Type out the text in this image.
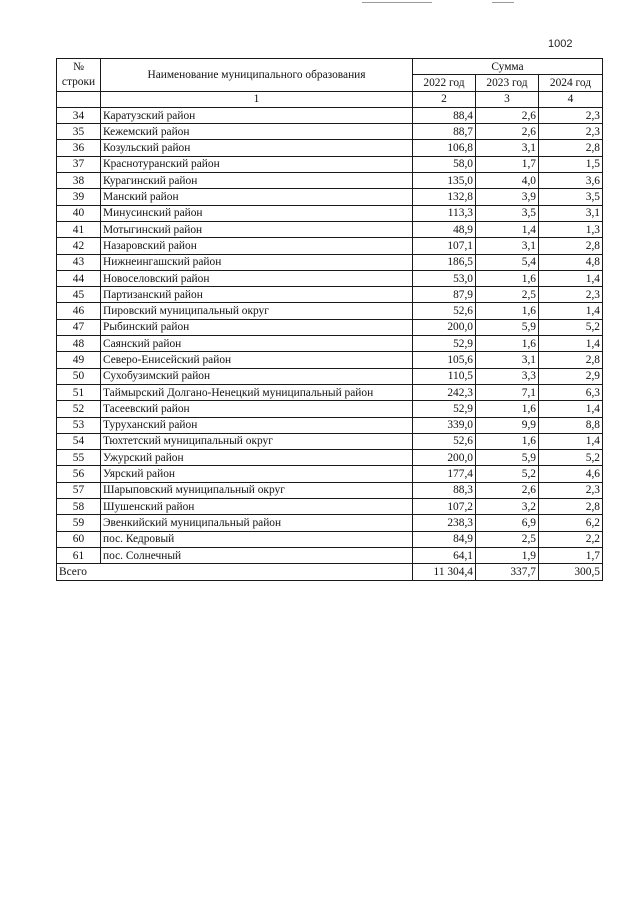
1002
№
строки	Наименование муниципального образования	Сумма		
		2022 год	2023 год	2024 год
	1	2	3	4
34	Каратузский район	88,4	2,6	2,3
35	Кежемский район	88,7	2,6	2,3
36	Козульский район	106,8	3,1	2,8
37	Краснотуранский район	58,0	1,7	1,5
38	Курагинский район	135,0	4,0	3,6
39	Манский район	132,8	3,9	3,5
40	Минусинский район	113,3	3,5	3,1
41	Мотыгинский район	48,9	1,4	1,3
42	Назаровский район	107,1	3,1	2,8
43	Нижнеингашский район	186,5	5,4	4,8
44	Новоселовский район	53,0	1,6	1,4
45	Партизанский район	87,9	2,5	2,3
46	Пировский муниципальный округ	52,6	1,6	1,4
47	Рыбинский район	200,0	5,9	5,2
48	Саянский район	52,9	1,6	1,4
49	Северо-Енисейский район	105,6	3,1	2,8
50	Сухобузимский район	110,5	3,3	2,9
51	Таймырский Долгано-Ненецкий муниципальный район	242,3	7,1	6,3
52	Тасеевский район	52,9	1,6	1,4
53	Туруханский район	339,0	9,9	8,8
54	Тюхтетский муниципальный округ	52,6	1,6	1,4
55	Ужурский район	200,0	5,9	5,2
56	Уярский район	177,4	5,2	4,6
57	Шарыповский муниципальный округ	88,3	2,6	2,3
58	Шушенский район	107,2	3,2	2,8
59	Эвенкийский муниципальный район	238,3	6,9	6,2
60	пос. Кедровый	84,9	2,5	2,2
61	пос. Солнечный	64,1	1,9	1,7
Всего		11 304,4	337,7	300,5
